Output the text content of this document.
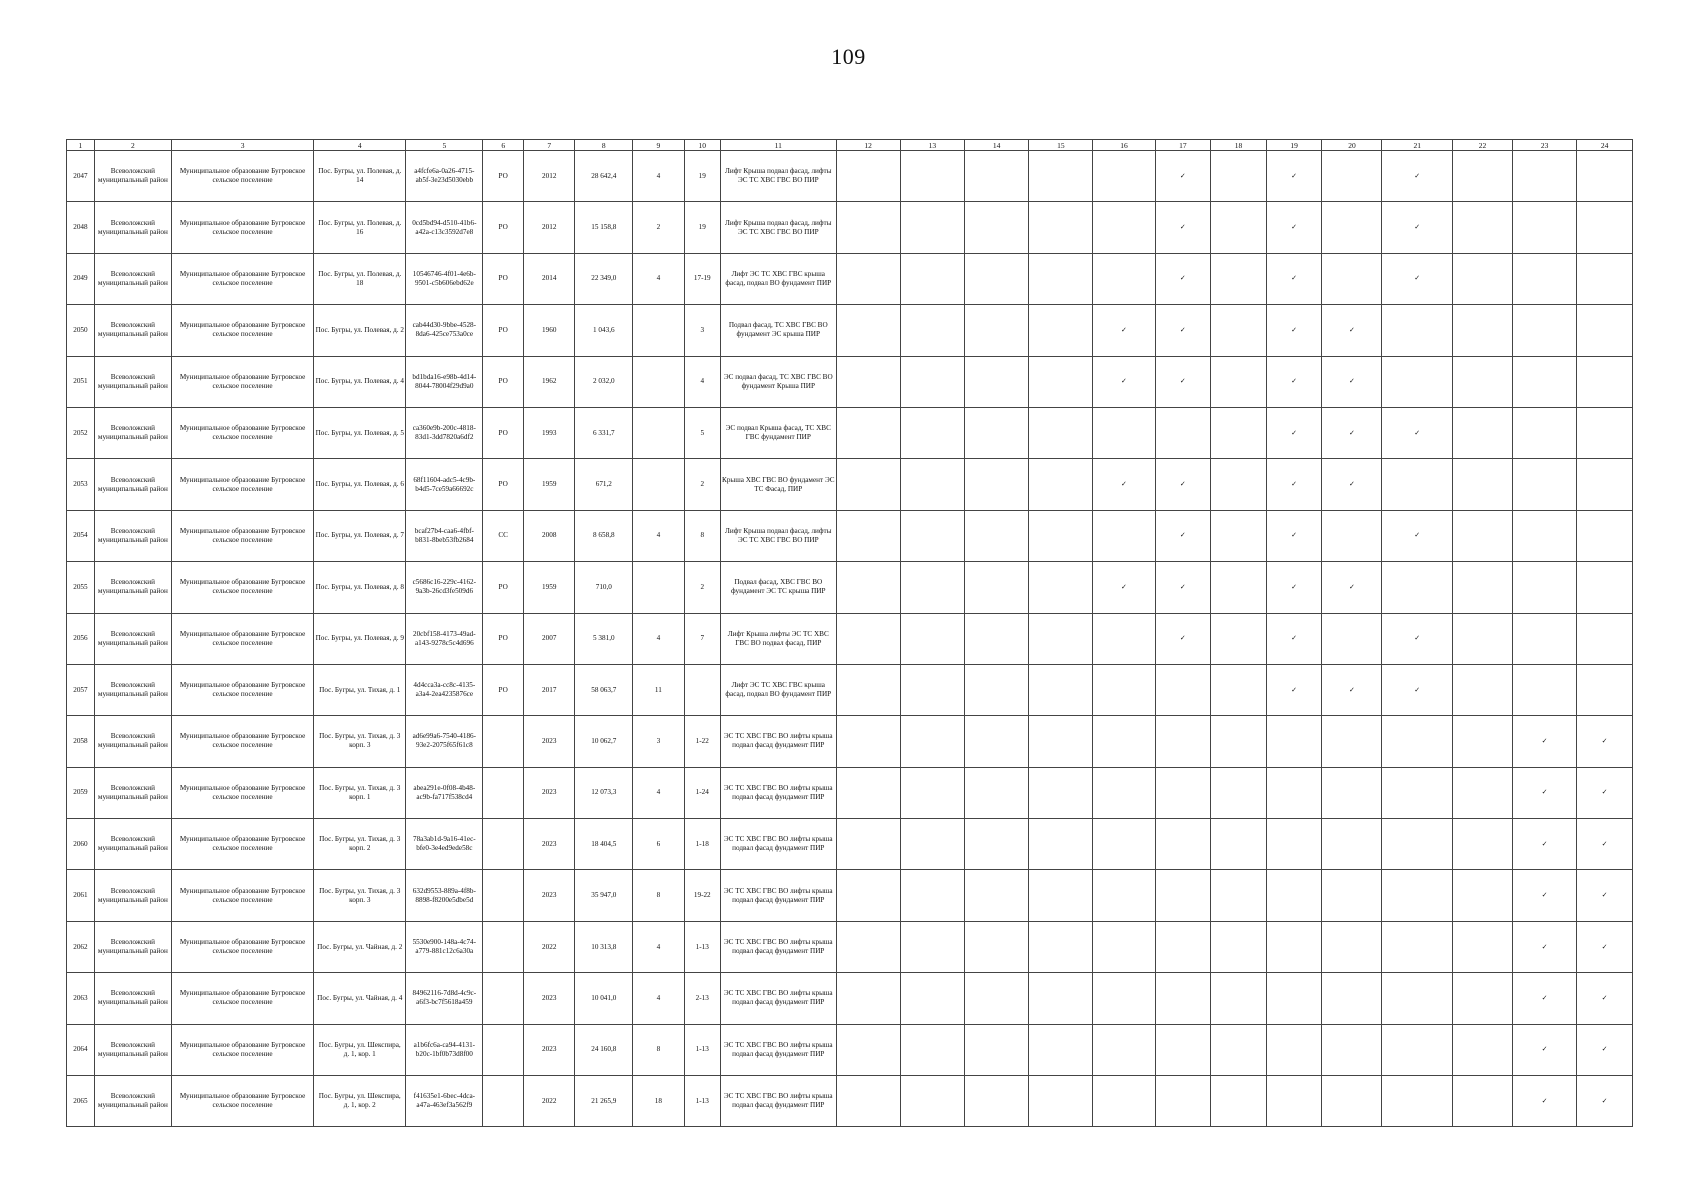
109
1	2	3	4	5	6	7	8	9	10	11	12	13	14	15	16	17	18	19	20	21	22	23	24
2047	Всеволожский муниципальный район	Муниципальное образование Бугровское сельское поселение	Пос. Бугры, ул. Полевая, д. 14	a4fcfe6a-0a26-4715-ab5f-3e23d5030ebb	РО	2012	28 642,4	4	19	Лифт Крыша подвал фасад, лифты ЭС ТС ХВС ГВС ВО ПИР						✓		✓		✓			
2048	Всеволожский муниципальный район	Муниципальное образование Бугровское сельское поселение	Пос. Бугры, ул. Полевая, д. 16	0cd5bd94-d510-41b6-a42a-c13c3592d7e8	РО	2012	15 158,8	2	19	Лифт Крыша подвал фасад, лифты ЭС ТС ХВС ГВС ВО ПИР						✓		✓		✓			
2049	Всеволожский муниципальный район	Муниципальное образование Бугровское сельское поселение	Пос. Бугры, ул. Полевая, д. 18	10546746-4f01-4e6b-9501-c5b606ebd62e	РО	2014	22 349,0	4	17-19	Лифт ЭС ТС ХВС ГВС крыша фасад, подвал ВО фундамент ПИР						✓		✓		✓			
2050	Всеволожский муниципальный район	Муниципальное образование Бугровское сельское поселение	Пос. Бугры, ул. Полевая, д. 2	cab44d30-9bbe-4528-8da6-425ce753a0ce	РО	1960	1 043,6		3	Подвал фасад, ТС ХВС ГВС ВО фундамент ЭС крыша ПИР					✓	✓		✓	✓				
2051	Всеволожский муниципальный район	Муниципальное образование Бугровское сельское поселение	Пос. Бугры, ул. Полевая, д. 4	bd1bda16-e98b-4d14-8044-78004f29d9a0	РО	1962	2 032,0		4	ЭС подвал фасад, ТС ХВС ГВС ВО фундамент Крыша ПИР					✓	✓		✓	✓				
2052	Всеволожский муниципальный район	Муниципальное образование Бугровское сельское поселение	Пос. Бугры, ул. Полевая, д. 5	ca360e9b-200c-4818-83d1-3dd7820a6df2	РО	1993	6 331,7		5	ЭС подвал Крыша фасад, ТС ХВС ГВС фундамент ПИР								✓	✓	✓			
2053	Всеволожский муниципальный район	Муниципальное образование Бугровское сельское поселение	Пос. Бугры, ул. Полевая, д. 6	68f11604-adc5-4c9b-b4d5-7ce59a66692c	РО	1959	671,2		2	Крыша ХВС ГВС ВО фундамент ЭС ТС Фасад, ПИР					✓	✓		✓	✓				
2054	Всеволожский муниципальный район	Муниципальное образование Бугровское сельское поселение	Пос. Бугры, ул. Полевая, д. 7	bcaf27b4-caa6-4fbf-b831-8beb53fb2684	СС	2008	8 658,8	4	8	Лифт Крыша подвал фасад, лифты ЭС ТС ХВС ГВС ВО ПИР						✓		✓		✓			
2055	Всеволожский муниципальный район	Муниципальное образование Бугровское сельское поселение	Пос. Бугры, ул. Полевая, д. 8	c5686c16-229c-4162-9a3b-26cd3fe509d6	РО	1959	710,0		2	Подвал фасад, ХВС ГВС ВО фундамент ЭС ТС крыша ПИР					✓	✓		✓	✓				
2056	Всеволожский муниципальный район	Муниципальное образование Бугровское сельское поселение	Пос. Бугры, ул. Полевая, д. 9	20cbf158-4173-49ad-a143-9278c5c4d696	РО	2007	5 381,0	4	7	Лифт Крыша лифты ЭС ТС ХВС ГВС ВО подвал фасад, ПИР						✓		✓		✓			
2057	Всеволожский муниципальный район	Муниципальное образование Бугровское сельское поселение	Пос. Бугры, ул. Тихая, д. 1	4d4cca3a-cc8c-4135-a3a4-2ea4235876ce	РО	2017	58 063,7	11		Лифт ЭС ТС ХВС ГВС крыша фасад, подвал ВО фундамент ПИР								✓	✓	✓			
2058	Всеволожский муниципальный район	Муниципальное образование Бугровское сельское поселение	Пос. Бугры, ул. Тихая, д. 3 корп. 3	ad6e99a6-7540-4186-93e2-2075f65f61c8		2023	10 062,7	3	1-22	ЭС ТС ХВС ГВС ВО лифты крыша подвал фасад фундамент ПИР												✓	✓
2059	Всеволожский муниципальный район	Муниципальное образование Бугровское сельское поселение	Пос. Бугры, ул. Тихая, д. 3 корп. 1	abea291e-0f08-4b48-ac9b-fa717f538cd4		2023	12 073,3	4	1-24	ЭС ТС ХВС ГВС ВО лифты крыша подвал фасад фундамент ПИР												✓	✓
2060	Всеволожский муниципальный район	Муниципальное образование Бугровское сельское поселение	Пос. Бугры, ул. Тихая, д. 3 корп. 2	78a3ab1d-9a16-41ec-bfe0-3e4ed9ede58c		2023	18 404,5	6	1-18	ЭС ТС ХВС ГВС ВО лифты крыша подвал фасад фундамент ПИР												✓	✓
2061	Всеволожский муниципальный район	Муниципальное образование Бугровское сельское поселение	Пос. Бугры, ул. Тихая, д. 3 корп. 3	632d9553-889a-4f8b-8898-f8200e5dbe5d		2023	35 947,0	8	19-22	ЭС ТС ХВС ГВС ВО лифты крыша подвал фасад фундамент ПИР												✓	✓
2062	Всеволожский муниципальный район	Муниципальное образование Бугровское сельское поселение	Пос. Бугры, ул. Чайная, д. 2	5530e900-148a-4c74-a779-881c12c6a30a		2022	10 313,8	4	1-13	ЭС ТС ХВС ГВС ВО лифты крыша подвал фасад фундамент ПИР												✓	✓
2063	Всеволожский муниципальный район	Муниципальное образование Бугровское сельское поселение	Пос. Бугры, ул. Чайная, д. 4	84962116-7d8d-4c9c-a6f3-bc7f5618a459		2023	10 041,0	4	2-13	ЭС ТС ХВС ГВС ВО лифты крыша подвал фасад фундамент ПИР												✓	✓
2064	Всеволожский муниципальный район	Муниципальное образование Бугровское сельское поселение	Пос. Бугры, ул. Шекспира, д. 1, кор. 1	a1b6fc6a-ca94-4131-b20c-1bf0b73d8f00		2023	24 160,8	8	1-13	ЭС ТС ХВС ГВС ВО лифты крыша подвал фасад фундамент ПИР												✓	✓
2065	Всеволожский муниципальный район	Муниципальное образование Бугровское сельское поселение	Пос. Бугры, ул. Шекспира, д. 1, кор. 2	f41635e1-6bec-4dca-a47a-463ef3a562f9		2022	21 265,9	18	1-13	ЭС ТС ХВС ГВС ВО лифты крыша подвал фасад фундамент ПИР												✓	✓
